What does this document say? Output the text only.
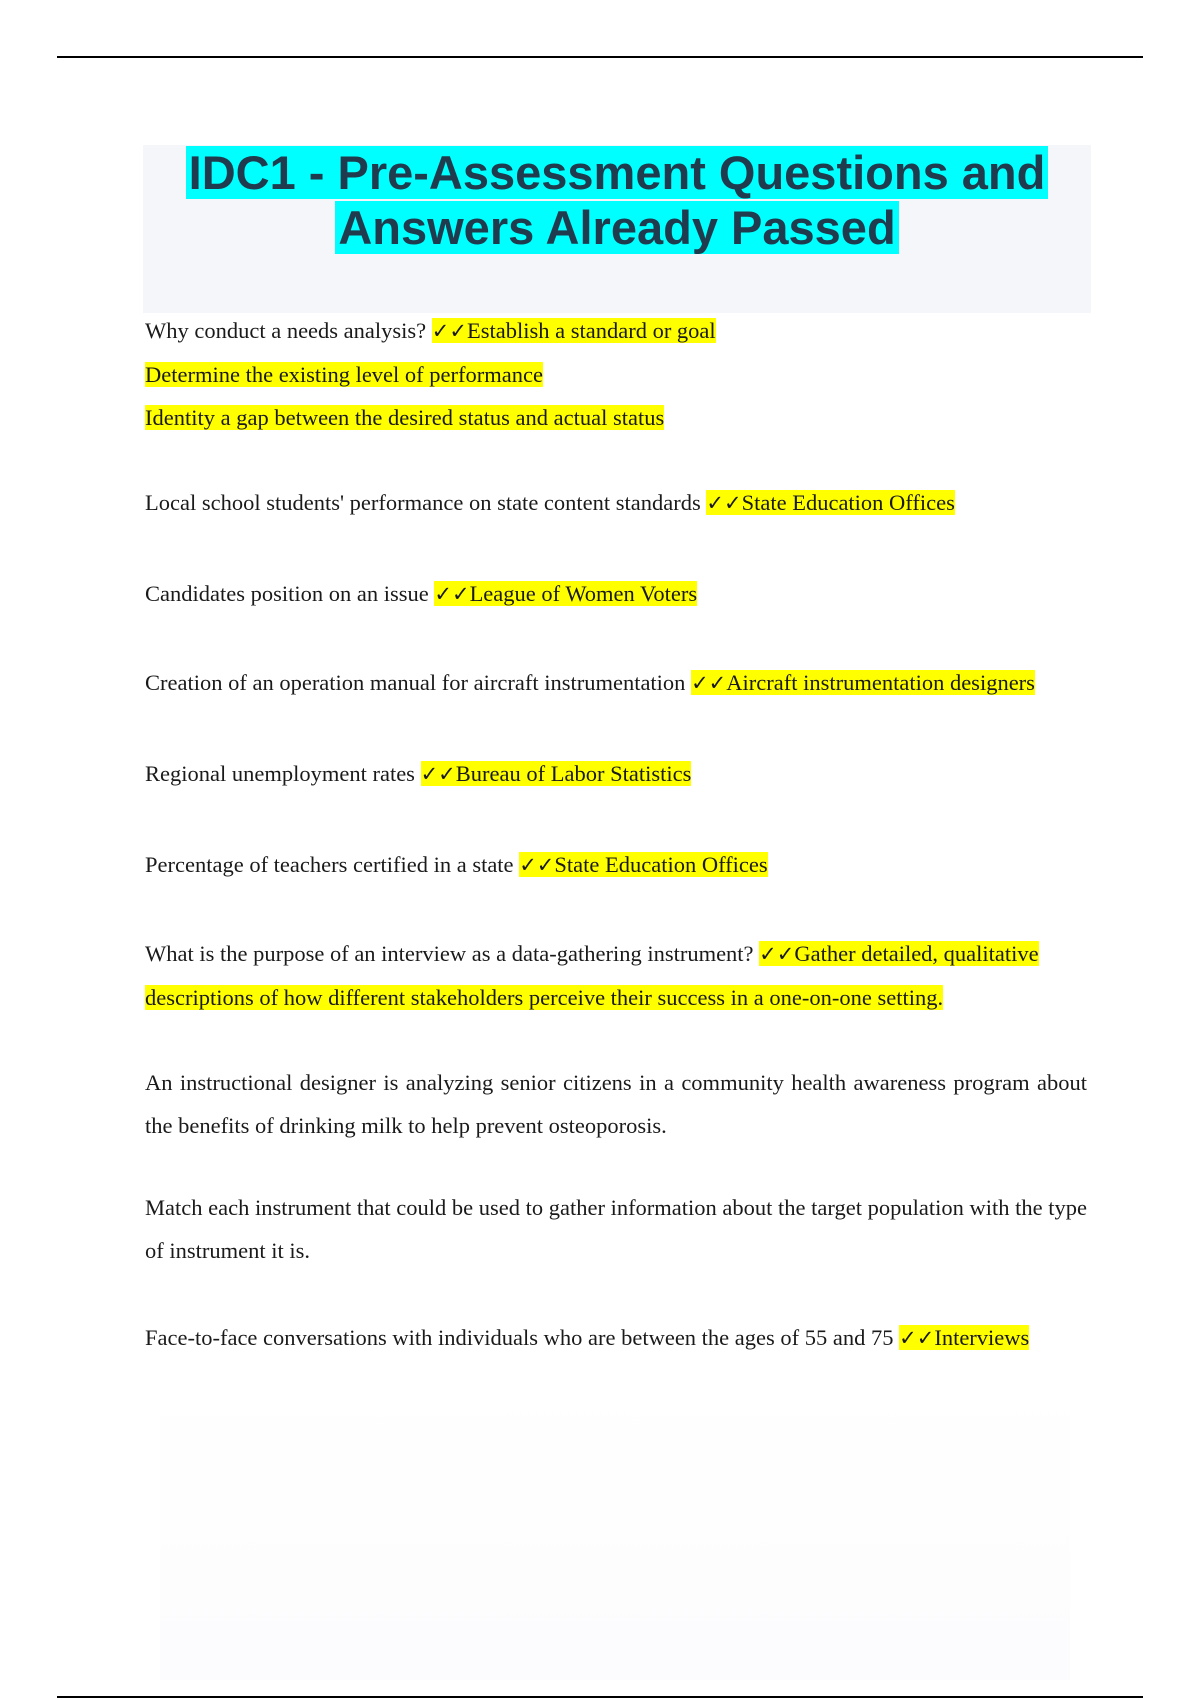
IDC1 - Pre-Assessment Questions and
Answers Already Passed

Why conduct a needs analysis? ✓✓Establish a standard or goal
Determine the existing level of performance
Identity a gap between the desired status and actual status

Local school students' performance on state content standards ✓✓State Education Offices

Candidates position on an issue ✓✓League of Women Voters

Creation of an operation manual for aircraft instrumentation ✓✓Aircraft instrumentation designers

Regional unemployment rates ✓✓Bureau of Labor Statistics

Percentage of teachers certified in a state ✓✓State Education Offices

What is the purpose of an interview as a data-gathering instrument? ✓✓Gather detailed, qualitative descriptions of how different stakeholders perceive their success in a one-on-one setting.

An instructional designer is analyzing senior citizens in a community health awareness program about the benefits of drinking milk to help prevent osteoporosis.

Match each instrument that could be used to gather information about the target population with the type of instrument it is.

Face-to-face conversations with individuals who are between the ages of 55 and 75 ✓✓Interviews
